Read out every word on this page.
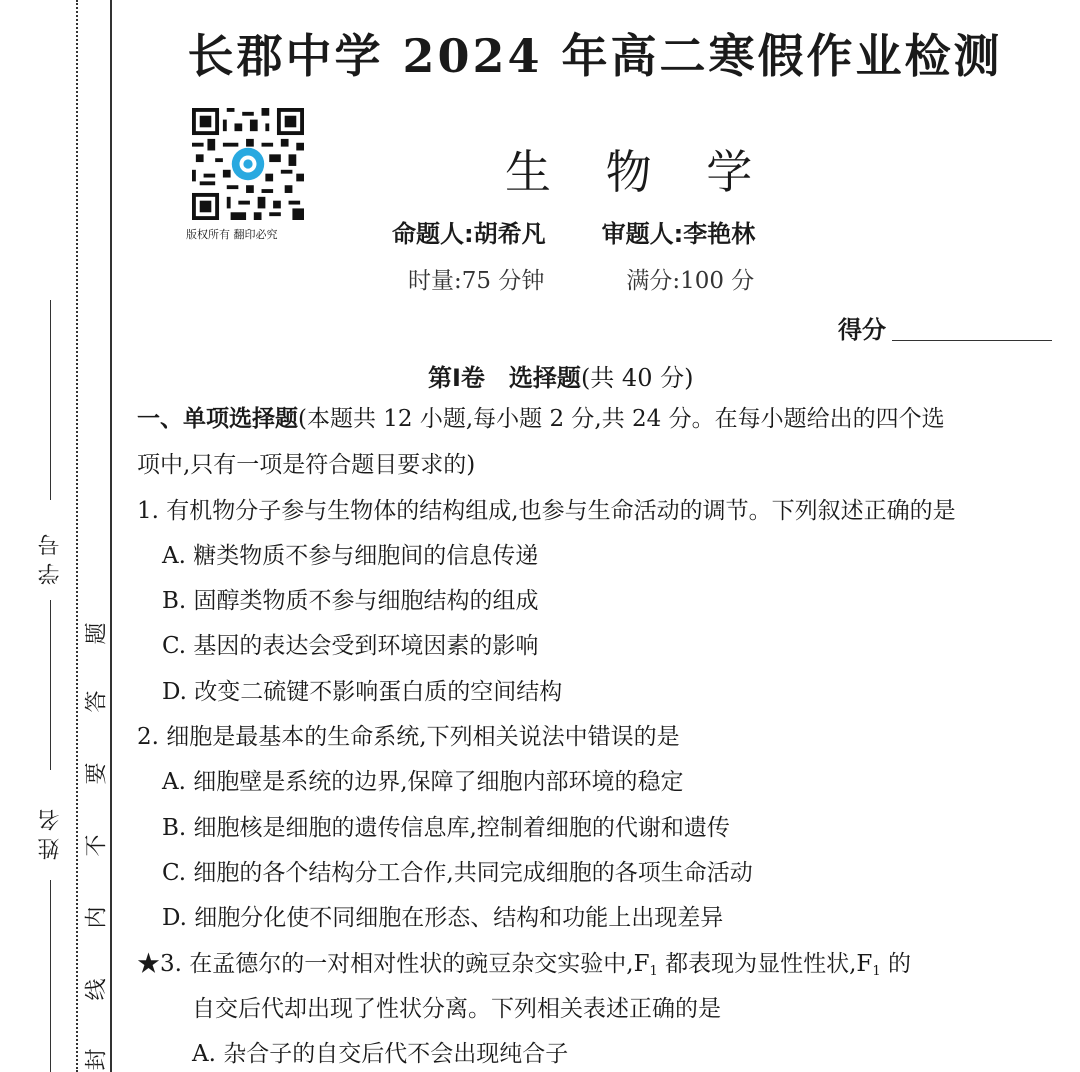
学 号
姓 名
题
答
要
不
内
线
封
长郡中学 2024 年高二寒假作业检测
版权所有 翻印必究
生 物 学
命题人:胡希凡 审题人:李艳林
时量:75 分钟	满分:100 分
得分
第Ⅰ卷　选择题(共 40 分)
一、单项选择题(本题共 12 小题,每小题 2 分,共 24 分。在每小题给出的四个选
项中,只有一项是符合题目要求的)
1. 有机物分子参与生物体的结构组成,也参与生命活动的调节。下列叙述正确的是
A. 糖类物质不参与细胞间的信息传递
B. 固醇类物质不参与细胞结构的组成
C. 基因的表达会受到环境因素的影响
D. 改变二硫键不影响蛋白质的空间结构
2. 细胞是最基本的生命系统,下列相关说法中错误的是
A. 细胞壁是系统的边界,保障了细胞内部环境的稳定
B. 细胞核是细胞的遗传信息库,控制着细胞的代谢和遗传
C. 细胞的各个结构分工合作,共同完成细胞的各项生命活动
D. 细胞分化使不同细胞在形态、结构和功能上出现差异
★3. 在孟德尔的一对相对性状的豌豆杂交实验中$,F_1$ 都表现为显性性状$,F_1$ 的
自交后代却出现了性状分离。下列相关表述正确的是
A. 杂合子的自交后代不会出现纯合子
